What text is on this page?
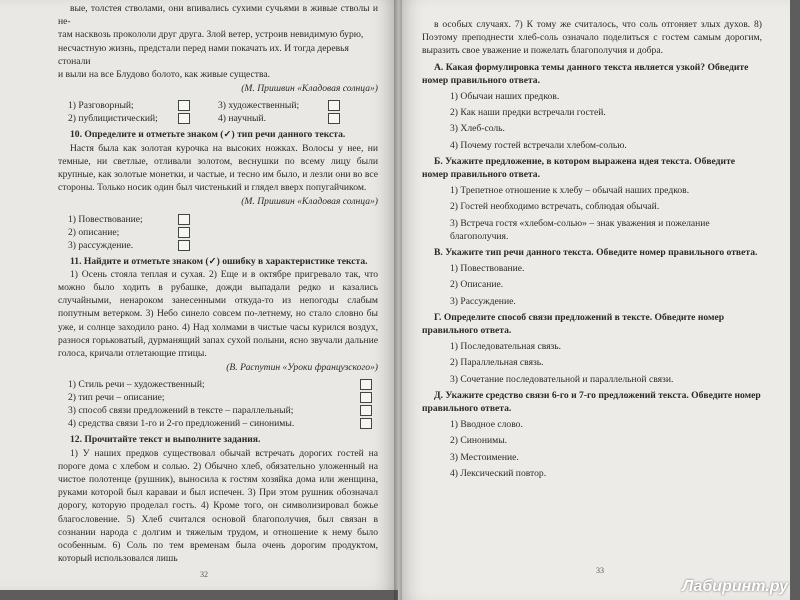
вые, толстея стволами, они впивались сухими сучьями в живые стволы и не-

там насквозь прокололи друг друга. Злой ветер, устроив невидимую бурю,

несчастную жизнь, предстали перед нами покачать их. И тогда деревья стонали

и выли на все Блудово болото, как живые существа.

(М. Пришвин «Кладовая солнца»)

1) Разговорный;	3) художественный;
2) публицистический;	4) научный.

10. Определите и отметьте знаком (✓) тип речи данного текста.

Настя была как золотая курочка на высоких ножках. Волосы у нее, ни темные, ни светлые, отливали золотом, веснушки по всему лицу были крупные, как золотые монетки, и частые, и тесно им было, и лезли они во все стороны. Только носик один был чистенький и глядел вверх попугайчиком.

(М. Пришвин «Кладовая солнца»)

1) Повествование;
2) описание;
3) рассуждение.

11. Найдите и отметьте знаком (✓) ошибку в характеристике текста.

1) Осень стояла теплая и сухая. 2) Еще и в октябре пригревало так, что можно было ходить в рубашке, дожди выпадали редко и казались случайными, ненароком занесенными откуда-то из непогоды слабым попутным ветерком. 3) Небо синело совсем по-летнему, но стало словно бы уже, и солнце заходило рано. 4) Над холмами в чистые часы курился воздух, разнося горьковатый, дурманящий запах сухой полыни, ясно звучали дальние голоса, кричали отлетающие птицы.

(В. Распутин «Уроки французского»)

1) Стиль речи – художественный;
2) тип речи – описание;
3) способ связи предложений в тексте – параллельный;
4) средства связи 1-го и 2-го предложений – синонимы.

12. Прочитайте текст и выполните задания.

1) У наших предков существовал обычай встречать дорогих гостей на пороге дома с хлебом и солью. 2) Обычно хлеб, обязательно уложенный на чистое полотенце (рушник), выносила к гостям хозяйка дома или женщина, руками которой был караваи и был испечен. 3) При этом рушник обозначал дорогу, которую проделал гость. 4) Кроме того, он символизировал божье благословение. 5) Хлеб считался основой благополучия, был связан в сознании народа с долгим и тяжелым трудом, и отношение к нему было особенным. 6) Соль по тем временам была очень дорогим продуктом, который использовался лишь

32

в особых случаях. 7) К тому же считалось, что соль отгоняет злых духов. 8) Поэтому преподнести хлеб-соль означало поделиться с гостем самым дорогим, выразить свое уважение и пожелать благополучия и добра.

А. Какая формулировка темы данного текста является узкой? Обведите номер правильного ответа.

1) Обычаи наших предков.

2) Как наши предки встречали гостей.

3) Хлеб-соль.

4) Почему гостей встречали хлебом-солью.

Б. Укажите предложение, в котором выражена идея текста. Обведите номер правильного ответа.

1) Трепетное отношение к хлебу – обычай наших предков.

2) Гостей необходимо встречать, соблюдая обычай.

3) Встреча гостя «хлебом-солью» – знак уважения и пожелание благополучия.

В. Укажите тип речи данного текста. Обведите номер правильного ответа.

1) Повествование.

2) Описание.

3) Рассуждение.

Г. Определите способ связи предложений в тексте. Обведите номер правильного ответа.

1) Последовательная связь.

2) Параллельная связь.

3) Сочетание последовательной и параллельной связи.

Д. Укажите средство связи 6-го и 7-го предложений текста. Обведите номер правильного ответа.

1) Вводное слово.

2) Синонимы.

3) Местоимение.

4) Лексический повтор.

33
Лабиринт.ру
